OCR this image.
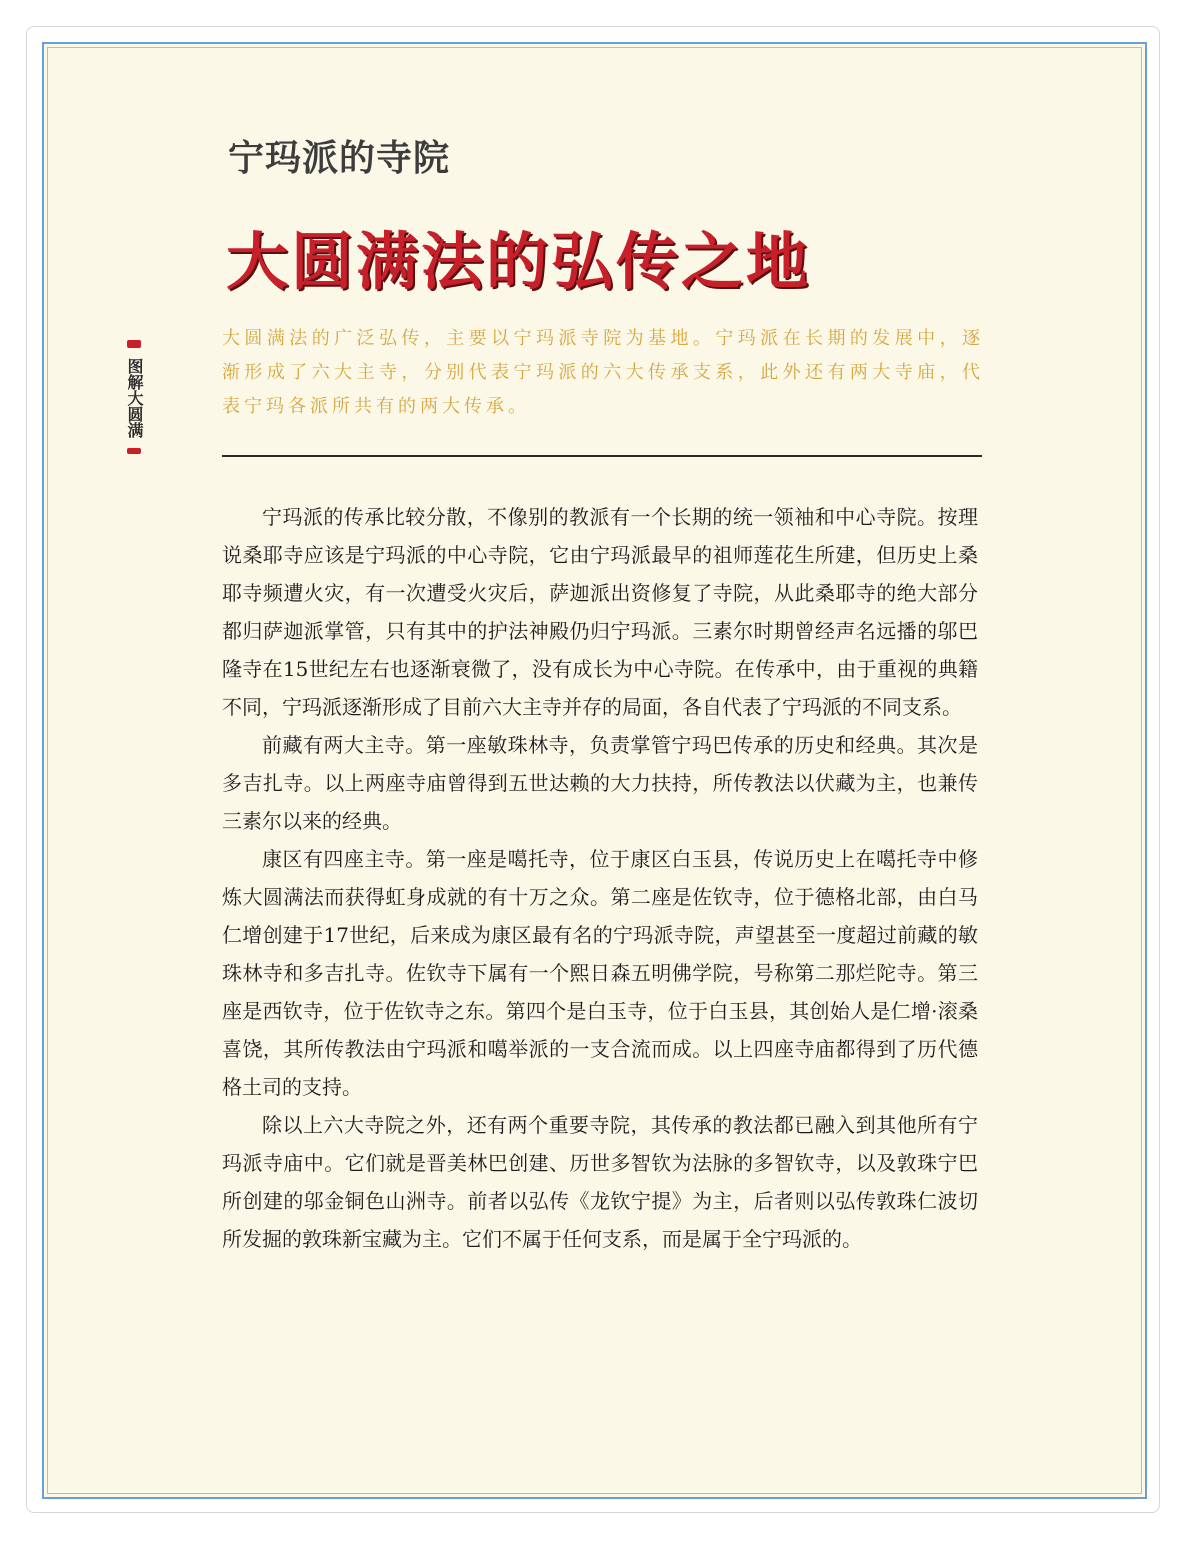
宁玛派的寺院
大圆满法的弘传之地
图解大圆满

大圆满法的广泛弘传，主要以宁玛派寺院为基地。宁玛派在长期的发展中，逐渐形成了六大主寺，分别代表宁玛派的六大传承支系，此外还有两大寺庙，代表宁玛各派所共有的两大传承。

宁玛派的传承比较分散，不像别的教派有一个长期的统一领袖和中心寺院。按理说桑耶寺应该是宁玛派的中心寺院，它由宁玛派最早的祖师莲花生所建，但历史上桑耶寺频遭火灾，有一次遭受火灾后，萨迦派出资修复了寺院，从此桑耶寺的绝大部分都归萨迦派掌管，只有其中的护法神殿仍归宁玛派。三素尔时期曾经声名远播的邬巴隆寺在15世纪左右也逐渐衰微了，没有成长为中心寺院。在传承中，由于重视的典籍不同，宁玛派逐渐形成了目前六大主寺并存的局面，各自代表了宁玛派的不同支系。

前藏有两大主寺。第一座敏珠林寺，负责掌管宁玛巴传承的历史和经典。其次是多吉扎寺。以上两座寺庙曾得到五世达赖的大力扶持，所传教法以伏藏为主，也兼传三素尔以来的经典。

康区有四座主寺。第一座是噶托寺，位于康区白玉县，传说历史上在噶托寺中修炼大圆满法而获得虹身成就的有十万之众。第二座是佐钦寺，位于德格北部，由白马仁增创建于17世纪，后来成为康区最有名的宁玛派寺院，声望甚至一度超过前藏的敏珠林寺和多吉扎寺。佐钦寺下属有一个熙日森五明佛学院，号称第二那烂陀寺。第三座是西钦寺，位于佐钦寺之东。第四个是白玉寺，位于白玉县，其创始人是仁增·滚桑喜饶，其所传教法由宁玛派和噶举派的一支合流而成。以上四座寺庙都得到了历代德格土司的支持。

除以上六大寺院之外，还有两个重要寺院，其传承的教法都已融入到其他所有宁玛派寺庙中。它们就是晋美林巴创建、历世多智钦为法脉的多智钦寺，以及敦珠宁巴所创建的邬金铜色山洲寺。前者以弘传《龙钦宁提》为主，后者则以弘传敦珠仁波切所发掘的敦珠新宝藏为主。它们不属于任何支系，而是属于全宁玛派的。
